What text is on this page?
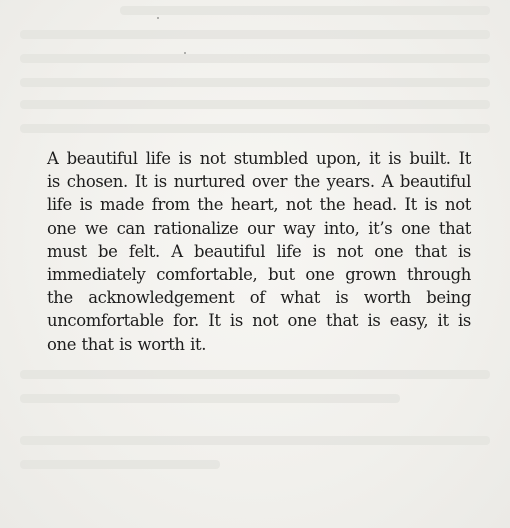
A beautiful life is not stumbled upon, it is built. It
is chosen. It is nurtured over the years. A beautiful
life is made from the heart, not the head. It is not
one we can rationalize our way into, it’s one that
must be felt. A beautiful life is not one that is
immediately comfortable, but one grown through
the acknowledgement of what is worth being
uncomfortable for. It is not one that is easy, it is
one that is worth it.
